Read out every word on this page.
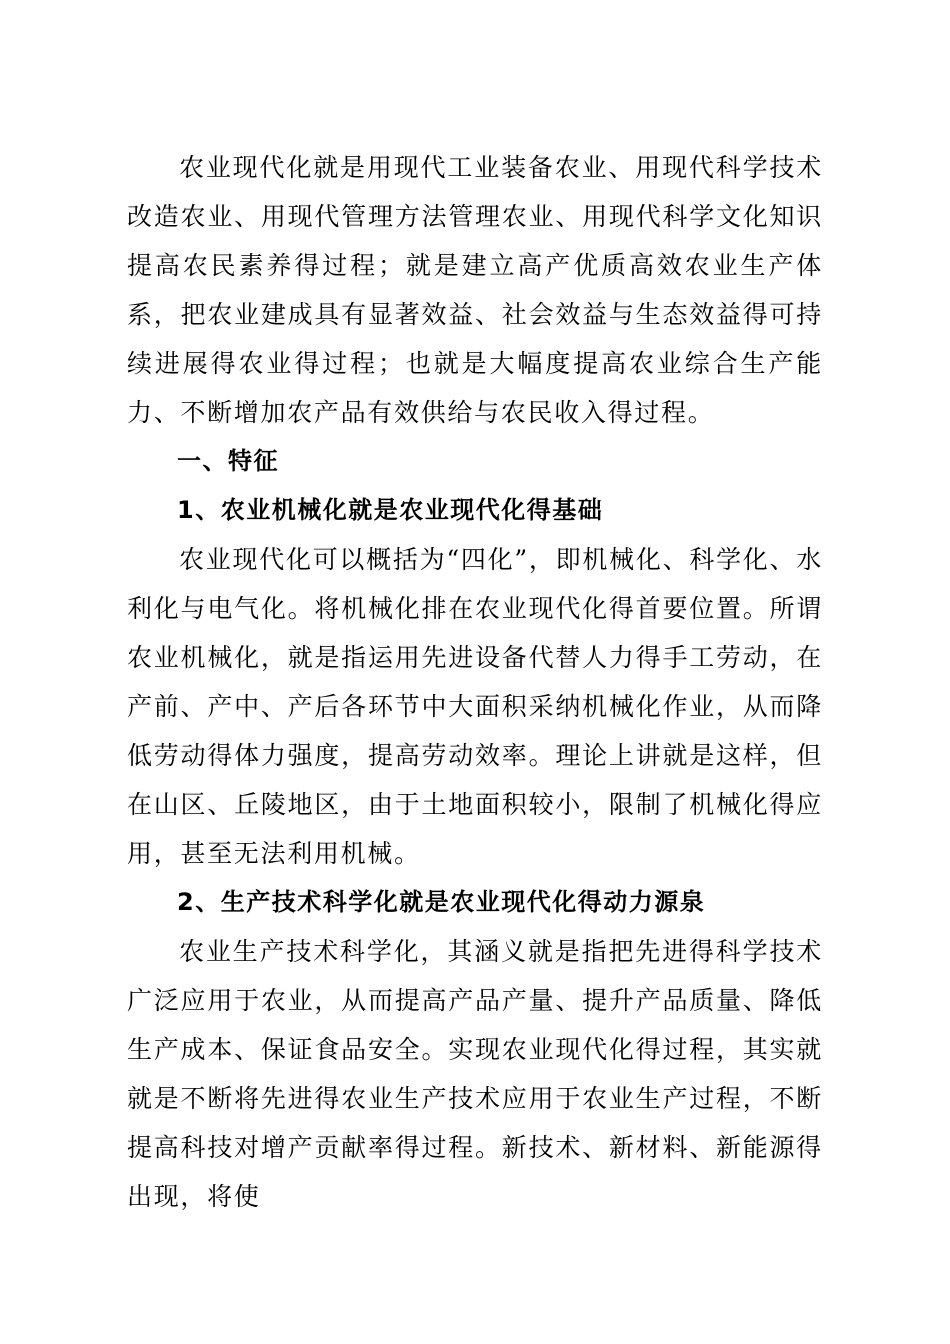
农业现代化就是用现代工业装备农业、用现代科学技术改造农业、用现代管理方法管理农业、用现代科学文化知识提高农民素养得过程；就是建立高产优质高效农业生产体系，把农业建成具有显著效益、社会效益与生态效益得可持续进展得农业得过程；也就是大幅度提高农业综合生产能力、不断增加农产品有效供给与农民收入得过程。

一、特征

1、农业机械化就是农业现代化得基础

农业现代化可以概括为“四化”，即机械化、科学化、水利化与电气化。将机械化排在农业现代化得首要位置。所谓农业机械化，就是指运用先进设备代替人力得手工劳动，在产前、产中、产后各环节中大面积采纳机械化作业，从而降低劳动得体力强度，提高劳动效率。理论上讲就是这样，但在山区、丘陵地区，由于土地面积较小，限制了机械化得应用，甚至无法利用机械。

2、生产技术科学化就是农业现代化得动力源泉

农业生产技术科学化，其涵义就是指把先进得科学技术广泛应用于农业，从而提高产品产量、提升产品质量、降低生产成本、保证食品安全。实现农业现代化得过程，其实就就是不断将先进得农业生产技术应用于农业生产过程，不断提高科技对增产贡献率得过程。新技术、新材料、新能源得出现，将使
